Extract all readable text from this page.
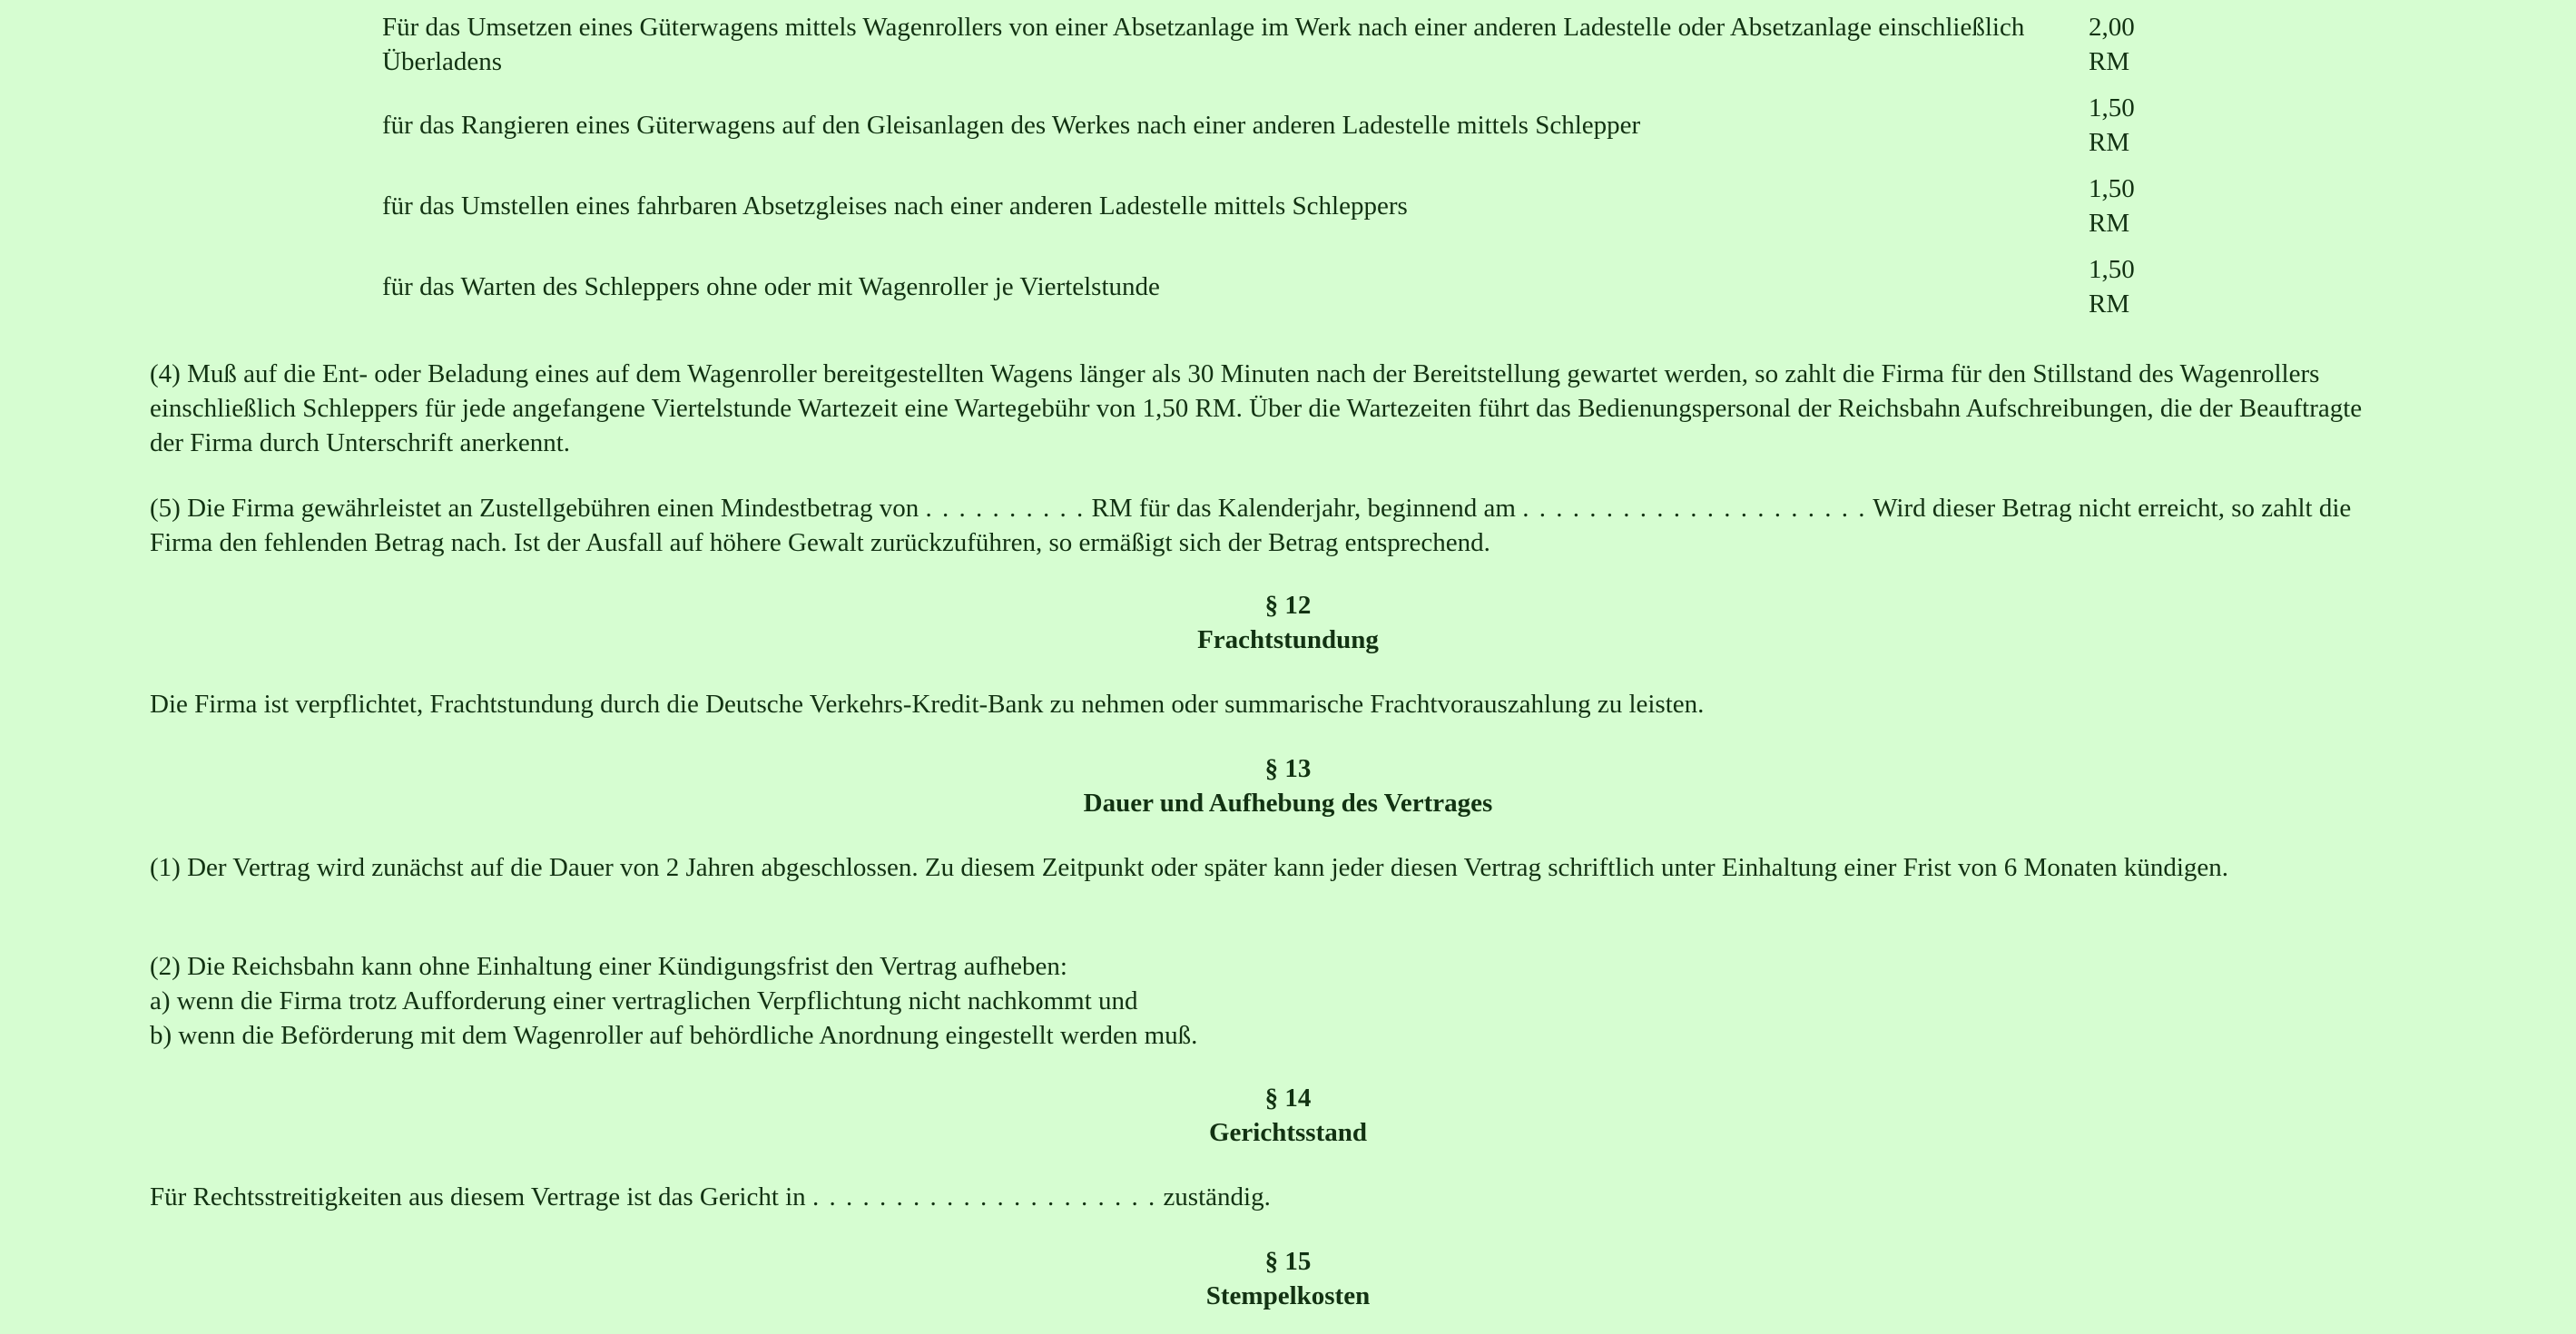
Für das Umsetzen eines Güterwagens mittels Wagenrollers von einer Absetzanlage im Werk nach einer anderen Ladestelle oder Absetzanlage einschließlich Überladens
2,00
RM
für das Rangieren eines Güterwagens auf den Gleisanlagen des Werkes nach einer anderen Ladestelle mittels Schlepper
1,50
RM
für das Umstellen eines fahrbaren Absetzgleises nach einer anderen Ladestelle mittels Schleppers
1,50
RM
für das Warten des Schleppers ohne oder mit Wagenroller je Viertelstunde
1,50
RM

(4) Muß auf die Ent- oder Beladung eines auf dem Wagenroller bereitgestellten Wagens länger als 30 Minuten nach der Bereitstellung gewartet werden, so zahlt die Firma für den Stillstand des Wagenrollers einschließlich Schleppers für jede angefangene Viertelstunde Wartezeit eine Wartegebühr von 1,50 RM. Über die Wartezeiten führt das Bedienungspersonal der Reichsbahn Aufschreibungen, die der Beauftragte der Firma durch Unterschrift anerkennt.

(5) Die Firma gewährleistet an Zustellgebühren einen Mindestbetrag von . . . . . . . . . . RM für das Kalenderjahr, beginnend am . . . . . . . . . . . . . . . . . . . . . Wird dieser Betrag nicht erreicht, so zahlt die Firma den fehlenden Betrag nach. Ist der Ausfall auf höhere Gewalt zurückzuführen, so ermäßigt sich der Betrag entsprechend.

§ 12
Frachtstundung

Die Firma ist verpflichtet, Frachtstundung durch die Deutsche Verkehrs-Kredit-Bank zu nehmen oder summarische Frachtvorauszahlung zu leisten.

§ 13
Dauer und Aufhebung des Vertrages

(1) Der Vertrag wird zunächst auf die Dauer von 2 Jahren abgeschlossen. Zu diesem Zeitpunkt oder später kann jeder diesen Vertrag schriftlich unter Einhaltung einer Frist von 6 Monaten kündigen.

(2) Die Reichsbahn kann ohne Einhaltung einer Kündigungsfrist den Vertrag aufheben:

a) wenn die Firma trotz Aufforderung einer vertraglichen Verpflichtung nicht nachkommt und

b) wenn die Beförderung mit dem Wagenroller auf behördliche Anordnung eingestellt werden muß.

§ 14
Gerichtsstand

Für Rechtsstreitigkeiten aus diesem Vertrage ist das Gericht in . . . . . . . . . . . . . . . . . . . . . zuständig.

§ 15
Stempelkosten
